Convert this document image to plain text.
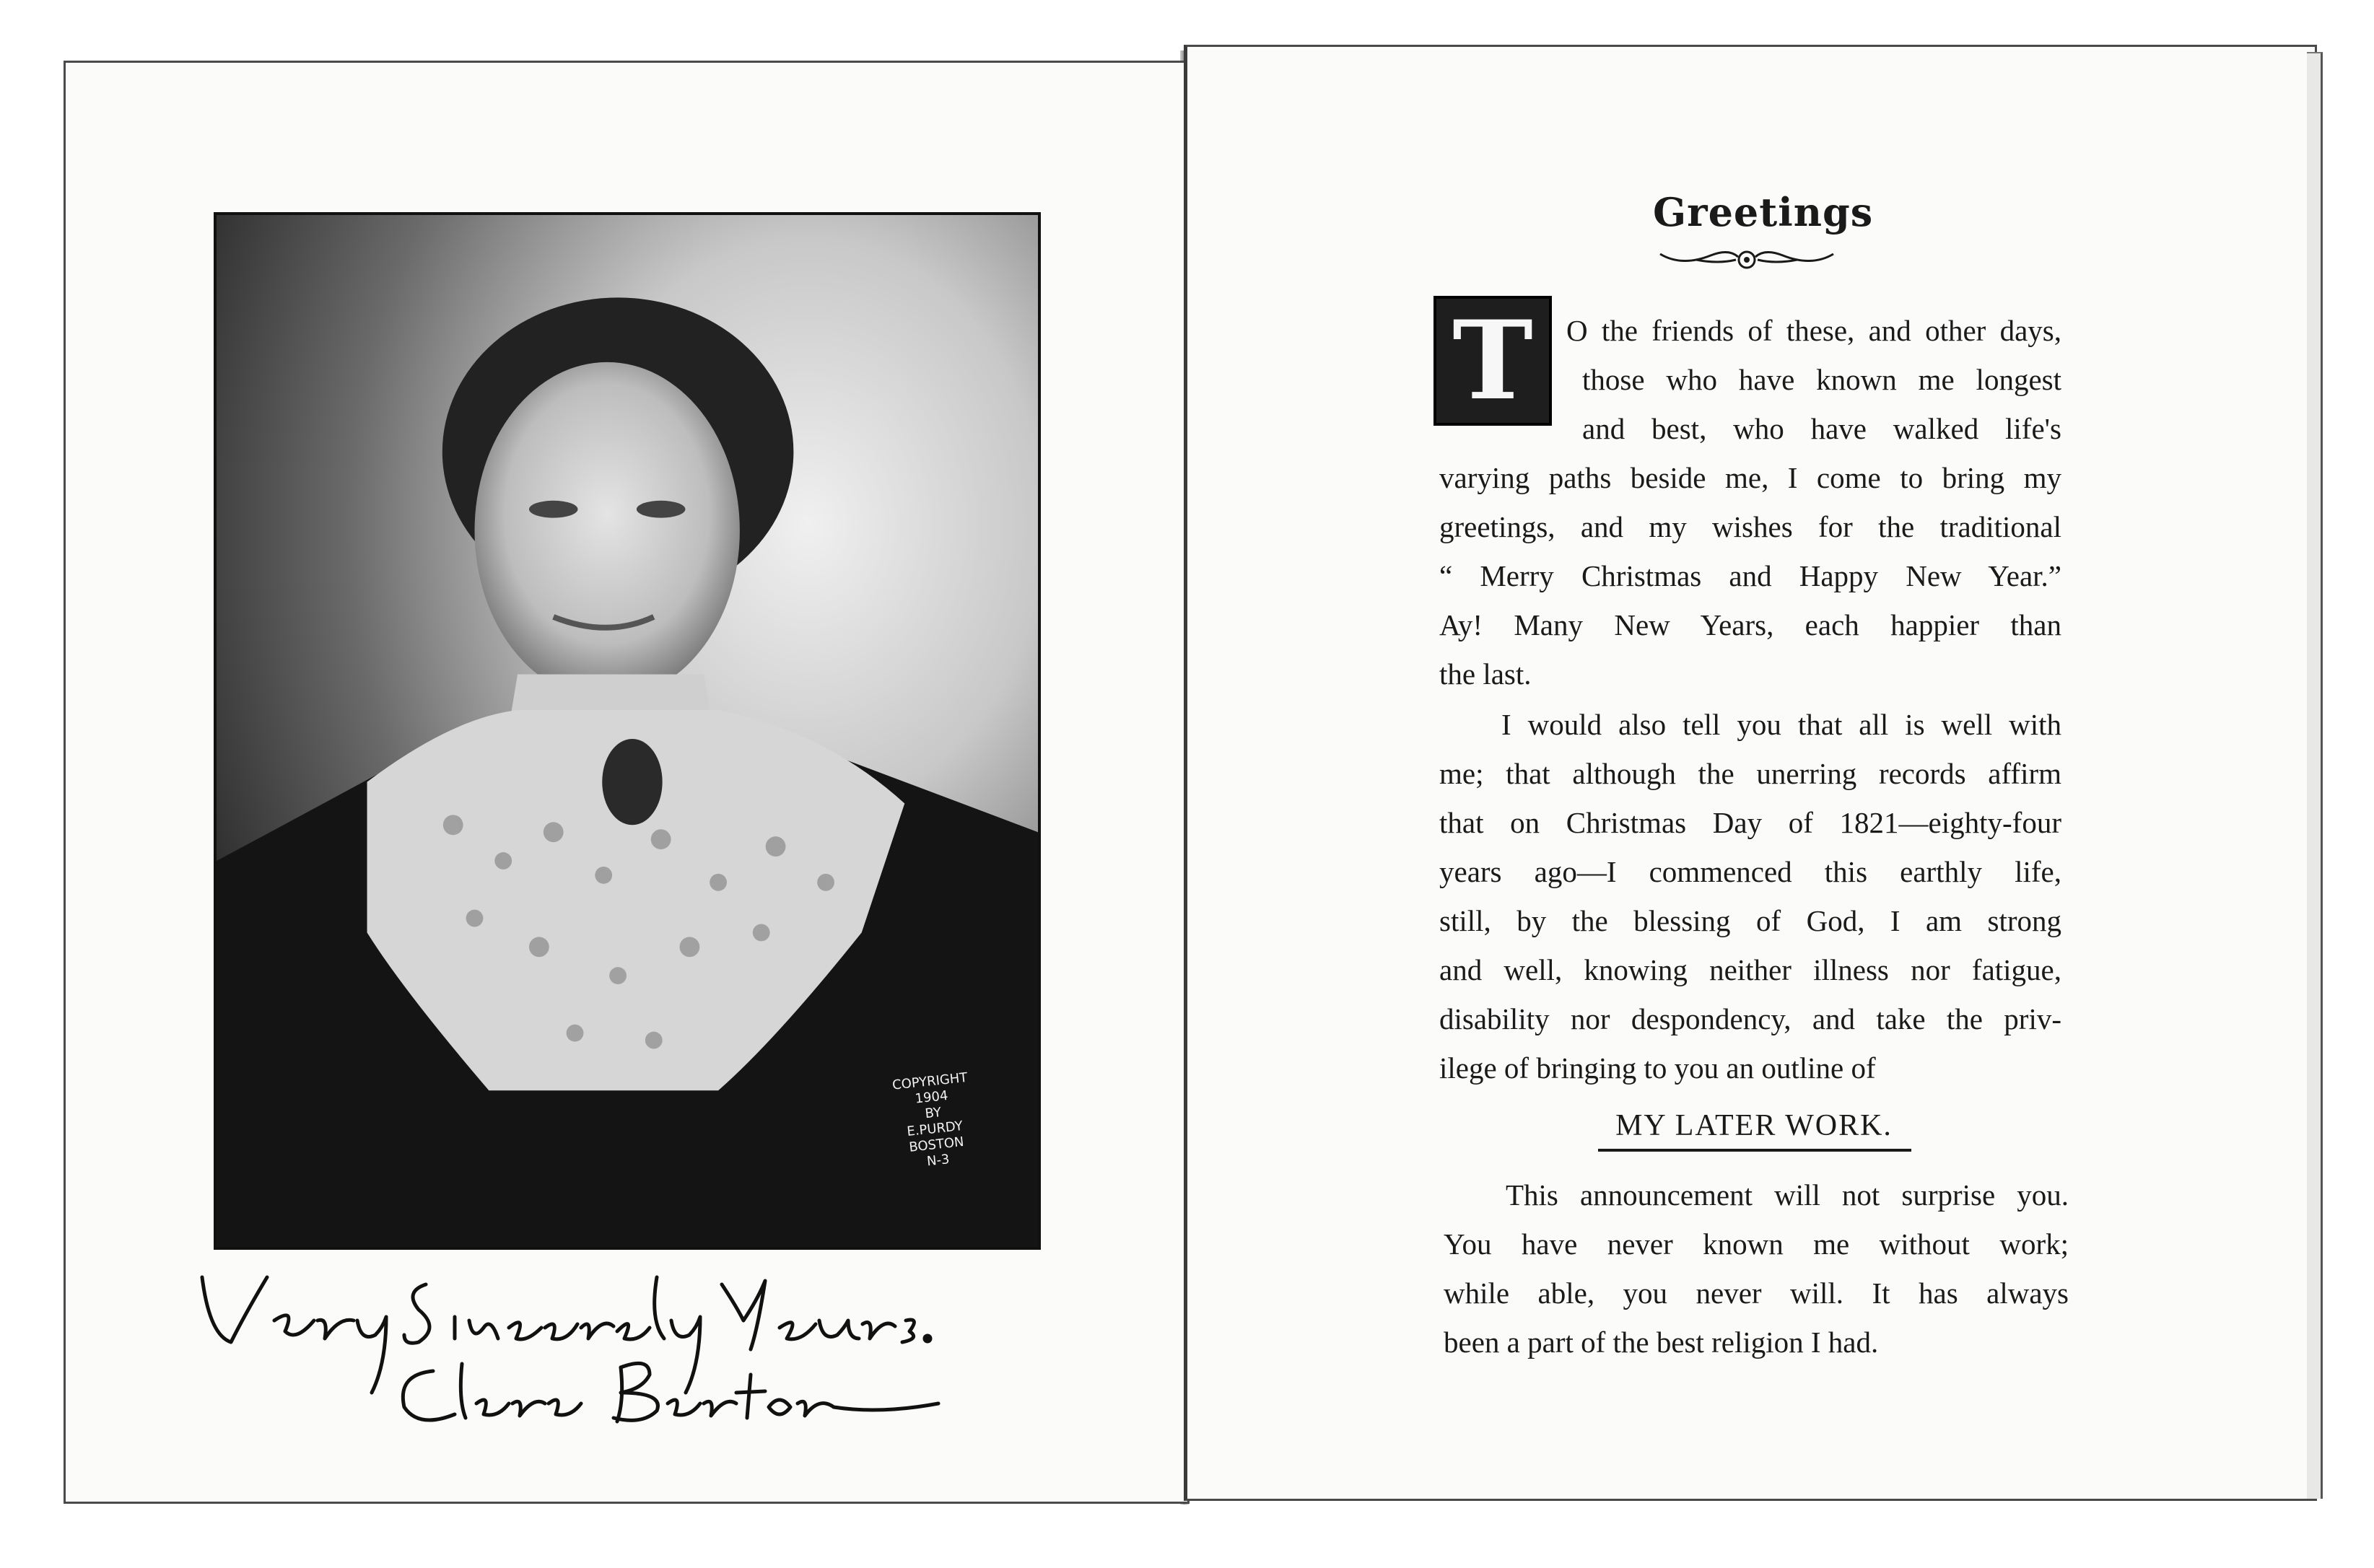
COPYRIGHT
1904
BY
E.PURDY
BOSTON
N-3
Greetings
T	O the friends of these, and other days,
those who have known me longest
and best, who have walked life's
varying paths beside me, I come to bring my
greetings, and my wishes for the traditional
“ Merry Christmas and Happy New Year.”
Ay! Many New Years, each happier than
the last.
I would also tell you that all is well with
me; that although the unerring records affirm
that on Christmas Day of 1821—eighty-four
years ago—I commenced this earthly life,
still, by the blessing of God, I am strong
and well, knowing neither illness nor fatigue,
disability nor despondency, and take the priv-
ilege of bringing to you an outline of
MY LATER WORK.
This announcement will not surprise you.
You have never known me without work;
while able, you never will. It has always
been a part of the best religion I had.
